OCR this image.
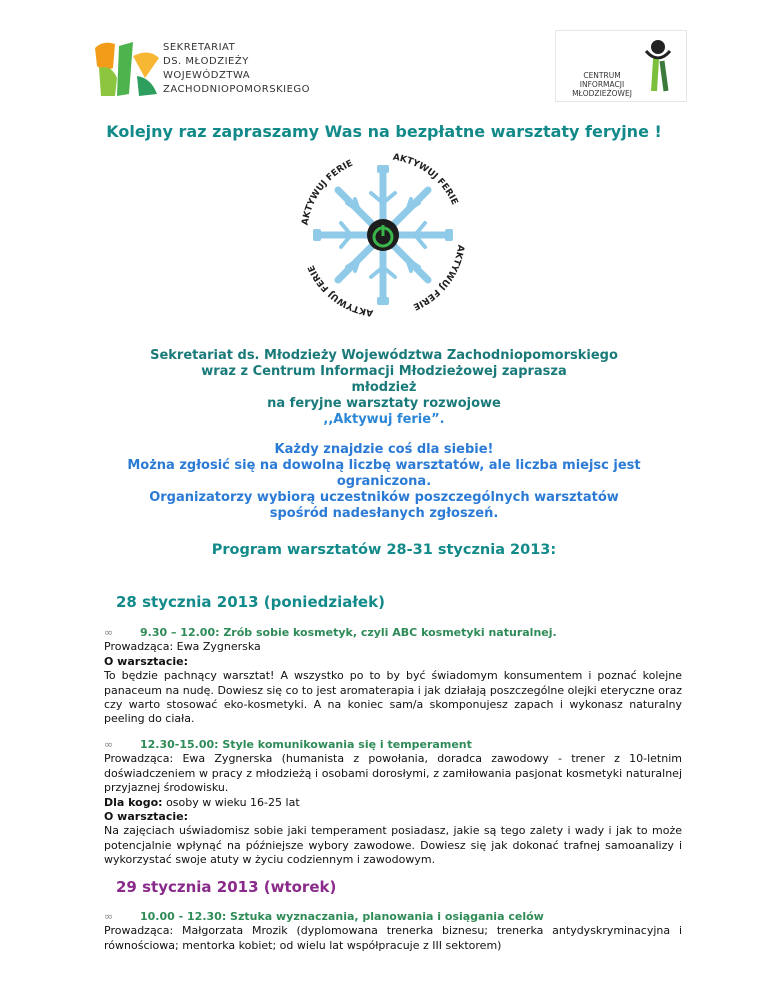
SEKRETARIAT
DS. MŁODZIEŻY
WOJEWÓDZTWA
ZACHODNIOPOMORSKIEGO
CENTRUM
INFORMACJI
MŁODZIEŻOWEJ
Kolejny raz zapraszamy Was na bezpłatne warsztaty feryjne !
AKTYWUJ FERIE
AKTYWUJ FERIE
AKTYWUJ FERIE
AKTYWUJ FERIE
Sekretariat ds. Młodzieży Województwa Zachodniopomorskiego
wraz z Centrum Informacji Młodzieżowej zaprasza
młodzież
na feryjne warsztaty rozwojowe
,,Aktywuj ferie”.
Każdy znajdzie coś dla siebie!
Można zgłosić się na dowolną liczbę warsztatów, ale liczba miejsc jest
ograniczona.
Organizatorzy wybiorą uczestników poszczególnych warsztatów
spośród nadesłanych zgłoszeń.
Program warsztatów 28-31 stycznia 2013:
28 stycznia 2013 (poniedziałek)
∞ 9.30 – 12.00: Zrób sobie kosmetyk, czyli ABC kosmetyki naturalnej.

Prowadząca: Ewa Zygnerska

O warsztacie:

To będzie pachnący warsztat! A wszystko po to by być świadomym konsumentem i poznać kolejne panaceum na nudę. Dowiesz się co to jest aromaterapia i jak działają poszczególne olejki eteryczne oraz czy warto stosować eko-kosmetyki. A na koniec sam/a skomponujesz zapach i wykonasz naturalny peeling do ciała.

∞ 12.30-15.00: Style komunikowania się i temperament

Prowadząca: Ewa Zygnerska (humanista z powołania, doradca zawodowy - trener z 10-letnim doświadczeniem w pracy z młodzieżą i osobami dorosłymi, z zamiłowania pasjonat kosmetyki naturalnej przyjaznej środowisku.

Dla kogo: osoby w wieku 16-25 lat

O warsztacie:

Na zajęciach uświadomisz sobie jaki temperament posiadasz, jakie są tego zalety i wady i jak to może potencjalnie wpłynąć na późniejsze wybory zawodowe. Dowiesz się jak dokonać trafnej samoanalizy i wykorzystać swoje atuty w życiu codziennym i zawodowym.

29 stycznia 2013 (wtorek)
∞ 10.00 - 12.30: Sztuka wyznaczania, planowania i osiągania celów

Prowadząca: Małgorzata Mrozik (dyplomowana trenerka biznesu; trenerka antydyskryminacyjna i równościowa; mentorka kobiet; od wielu lat współpracuje z III sektorem)
